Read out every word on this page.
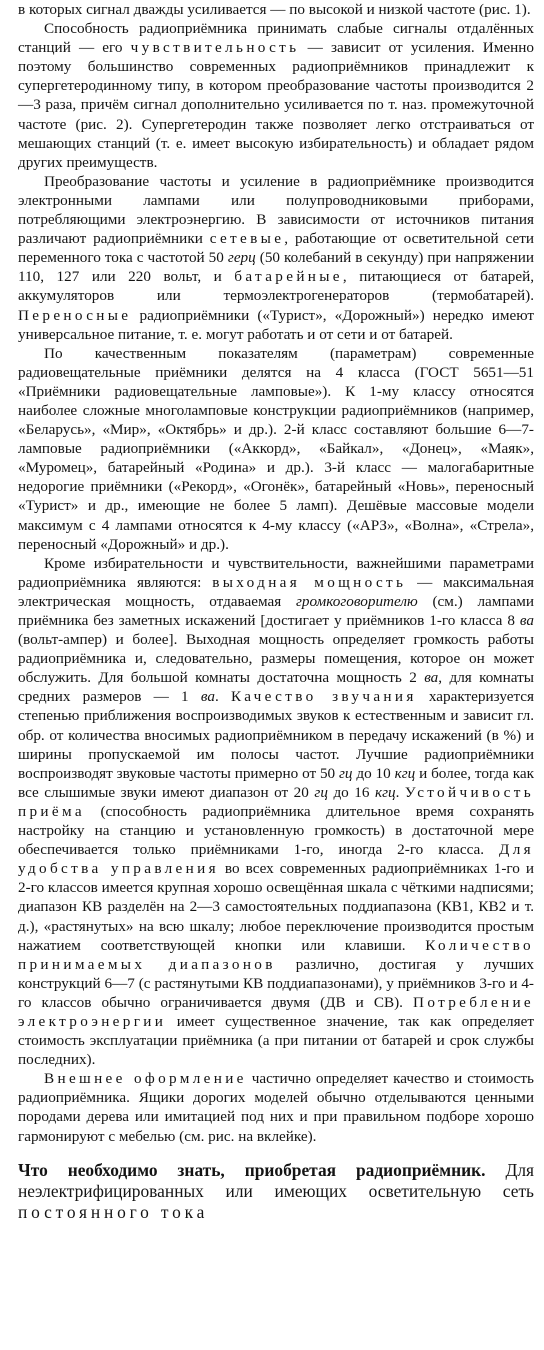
в которых сигнал дважды усиливается — по высокой и низкой частоте (рис. 1).

Способность радиоприёмника принимать слабые сигналы отдалённых станций — его чувствительность — зависит от усиления. Именно поэтому большинство современных радиоприёмников принадлежит к супергетеродинному типу, в котором преобразование частоты производится 2—3 раза, причём сигнал дополнительно усиливается по т. наз. промежуточной частоте (рис. 2). Супергетеродин также позволяет легко отстраиваться от мешающих станций (т. е. имеет высокую избирательность) и обладает рядом других преимуществ.

Преобразование частоты и усиление в радиоприёмнике производится электронными лампами или полупроводниковыми приборами, потребляющими электроэнергию. В зависимости от источников питания различают радиоприёмники сетевые, работающие от осветительной сети переменного тока с частотой 50 герц (50 колебаний в секунду) при напряжении 110, 127 или 220 вольт, и батарейные, питающиеся от батарей, аккумуляторов или термоэлектрогенераторов (термобатарей). Переносные радиоприёмники («Турист», «Дорожный») нередко имеют универсальное питание, т. е. могут работать и от сети и от батарей.

По качественным показателям (параметрам) современные радиовещательные приёмники делятся на 4 класса (ГОСТ 5651—51 «Приёмники радиовещательные ламповые»). К 1-му классу относятся наиболее сложные многоламповые конструкции радиоприёмников (например, «Беларусь», «Мир», «Октябрь» и др.). 2-й класс составляют большие 6—7-ламповые радиоприёмники («Аккорд», «Байкал», «Донец», «Маяк», «Муромец», батарейный «Родина» и др.). 3-й класс — малогабаритные недорогие приёмники («Рекорд», «Огонёк», батарейный «Новь», переносный «Турист» и др., имеющие не более 5 ламп). Дешёвые массовые модели максимум с 4 лампами относятся к 4-му классу («АРЗ», «Волна», «Стрела», переносный «Дорожный» и др.).

Кроме избирательности и чувствительности, важнейшими параметрами радиоприёмника являются: выходная мощность — максимальная электрическая мощность, отдаваемая громкоговорителю (см.) лампами приёмника без заметных искажений [достигает у приёмников 1-го класса 8 ва (вольт-ампер) и более]. Выходная мощность определяет громкость работы радиоприёмника и, следовательно, размеры помещения, которое он может обслужить. Для большой комнаты достаточна мощность 2 ва, для комнаты средних размеров — 1 ва. Качество звучания характеризуется степенью приближения воспроизводимых звуков к естественным и зависит гл. обр. от количества вносимых радиоприёмником в передачу искажений (в %) и ширины пропускаемой им полосы частот. Лучшие радиоприёмники воспроизводят звуковые частоты примерно от 50 гц до 10 кгц и более, тогда как все слышимые звуки имеют диапазон от 20 гц до 16 кгц. Устойчивость приёма (способность радиоприёмника длительное время сохранять настройку на станцию и установленную громкость) в достаточной мере обеспечивается только приёмниками 1-го, иногда 2-го класса. Для удобства управления во всех современных радиоприёмниках 1-го и 2-го классов имеется крупная хорошо освещённая шкала с чёткими надписями; диапазон КВ разделён на 2—3 самостоятельных поддиапазона (КВ1, КВ2 и т. д.), «растянутых» на всю шкалу; любое переключение производится простым нажатием соответствующей кнопки или клавиши. Количество принимаемых диапазонов различно, достигая у лучших конструкций 6—7 (с растянутыми КВ поддиапазонами), у приёмников 3-го и 4-го классов обычно ограничивается двумя (ДВ и СВ). Потребление электроэнергии имеет существенное значение, так как определяет стоимость эксплуатации приёмника (а при питании от батарей и срок службы последних).

Внешнее оформление частично определяет качество и стоимость радиоприёмника. Ящики дорогих моделей обычно отделываются ценными породами дерева или имитацией под них и при правильном подборе хорошо гармонируют с мебелью (см. рис. на вклейке).

Что необходимо знать, приобретая радиоприёмник. Для неэлектрифицированных или имеющих осветительную сеть постоянного тока
